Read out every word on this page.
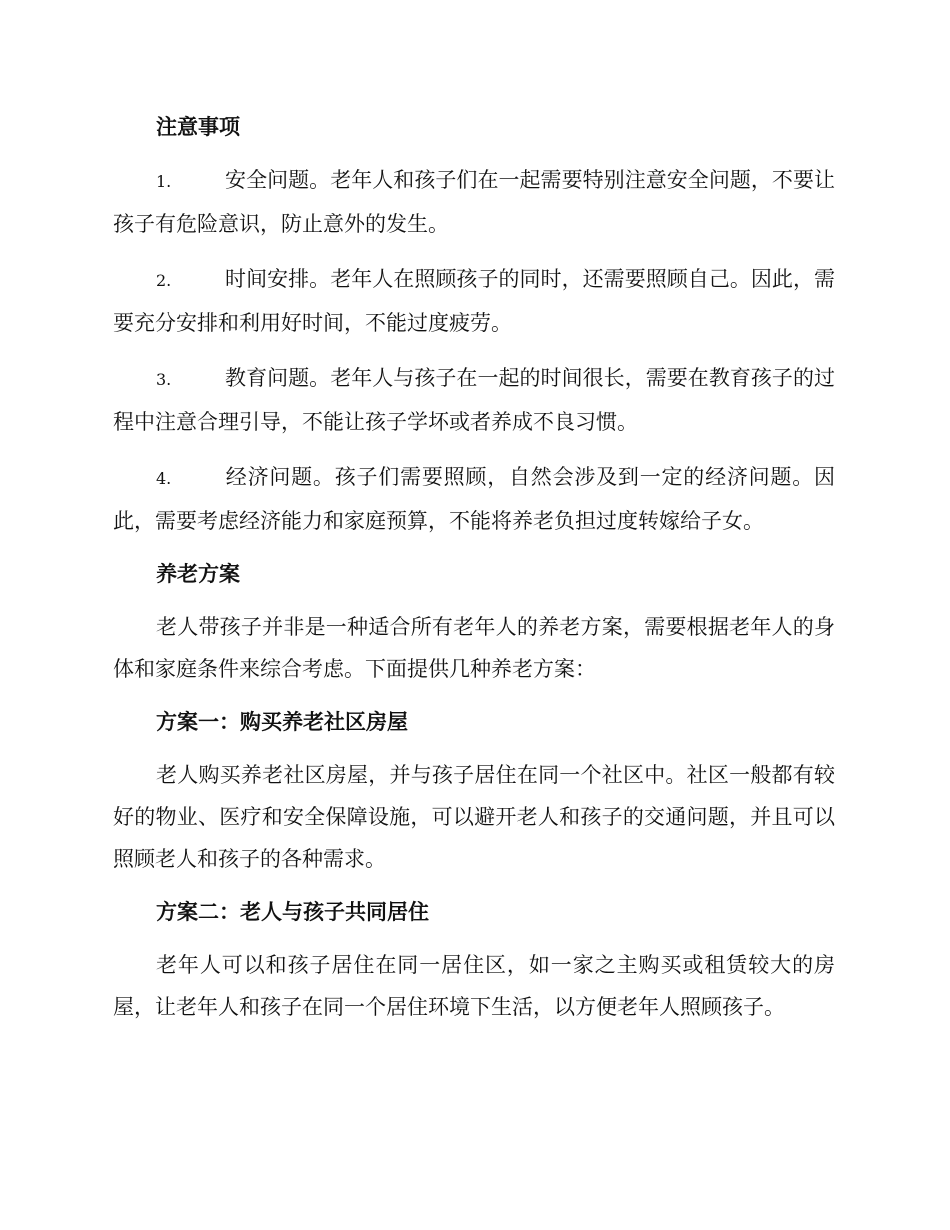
注意事项

1.	安全问题。老年人和孩子们在一起需要特别注意安全问题，不要让孩子有危险意识，防止意外的发生。

2.	时间安排。老年人在照顾孩子的同时，还需要照顾自己。因此，需要充分安排和利用好时间，不能过度疲劳。

3.	教育问题。老年人与孩子在一起的时间很长，需要在教育孩子的过程中注意合理引导，不能让孩子学坏或者养成不良习惯。

4.	经济问题。孩子们需要照顾，自然会涉及到一定的经济问题。因此，需要考虑经济能力和家庭预算，不能将养老负担过度转嫁给子女。

养老方案

老人带孩子并非是一种适合所有老年人的养老方案，需要根据老年人的身体和家庭条件来综合考虑。下面提供几种养老方案：

方案一：购买养老社区房屋

老人购买养老社区房屋，并与孩子居住在同一个社区中。社区一般都有较好的物业、医疗和安全保障设施，可以避开老人和孩子的交通问题，并且可以照顾老人和孩子的各种需求。

方案二：老人与孩子共同居住

老年人可以和孩子居住在同一居住区，如一家之主购买或租赁较大的房屋，让老年人和孩子在同一个居住环境下生活，以方便老年人照顾孩子。
